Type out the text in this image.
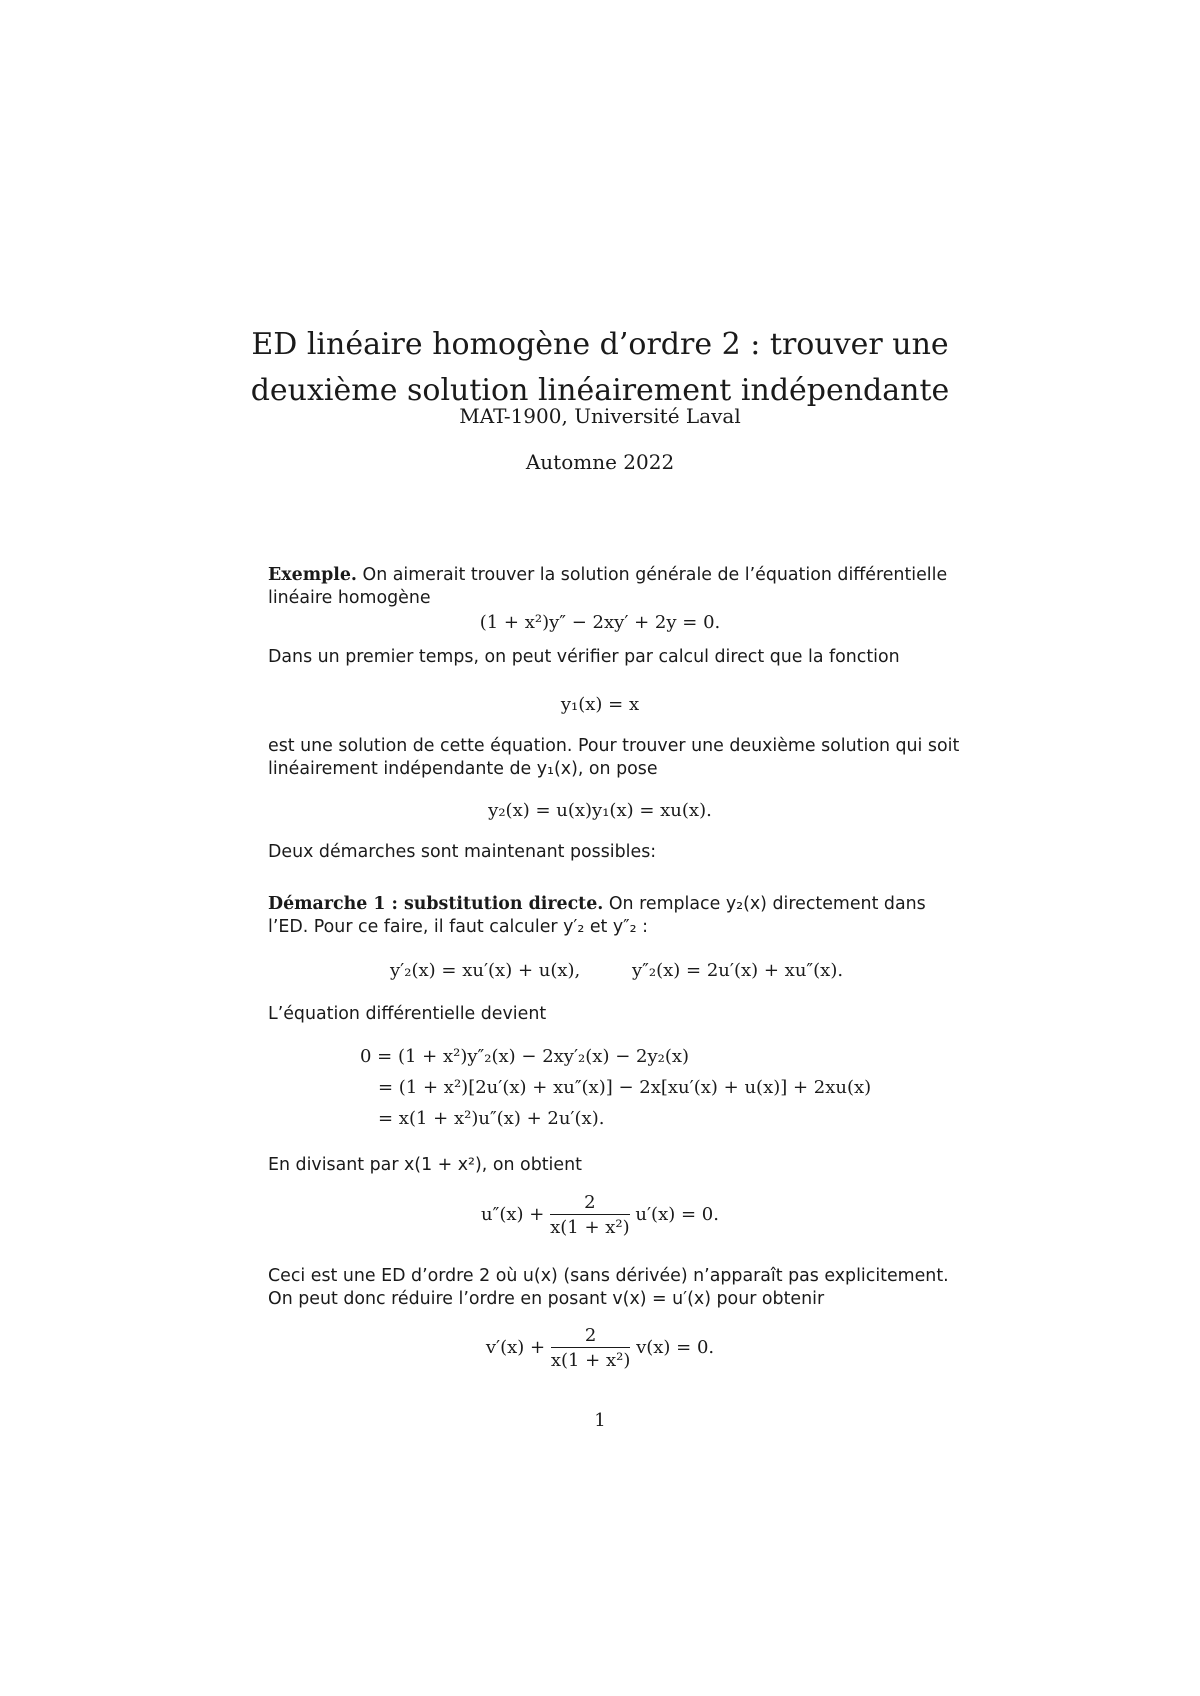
ED linéaire homogène d’ordre 2 : trouver une
deuxième solution linéairement indépendante
MAT-1900, Université Laval
Automne 2022
Exemple. On aimerait trouver la solution générale de l’équation différentielle
linéaire homogène
(1 + x²)y″ − 2xy′ + 2y = 0.
Dans un premier temps, on peut vérifier par calcul direct que la fonction
y₁(x) = x
est une solution de cette équation. Pour trouver une deuxième solution qui soit
linéairement indépendante de y₁(x), on pose
y₂(x) = u(x)y₁(x) = xu(x).
Deux démarches sont maintenant possibles:
Démarche 1 : substitution directe. On remplace y₂(x) directement dans
l’ED. Pour ce faire, il faut calculer y′₂ et y″₂ :
y′₂(x) = xu′(x) + u(x),	y″₂(x) = 2u′(x) + xu″(x).
L’équation différentielle devient
0 = (1 + x²)y″₂(x) − 2xy′₂(x) − 2y₂(x)
= (1 + x²)[2u′(x) + xu″(x)] − 2x[xu′(x) + u(x)] + 2xu(x)
= x(1 + x²)u″(x) + 2u′(x).
En divisant par x(1 + x²), on obtient
$u''(x) + \frac{2}{\text{x(1 + x²)}} u'(x) = 0$.
Ceci est une ED d’ordre 2 où u(x) (sans dérivée) n’apparaît pas explicitement.
On peut donc réduire l’ordre en posant v(x) = u′(x) pour obtenir
$v'(x) + \frac{2}{\text{x(1 + x²)}} v(x) = 0$.
1
